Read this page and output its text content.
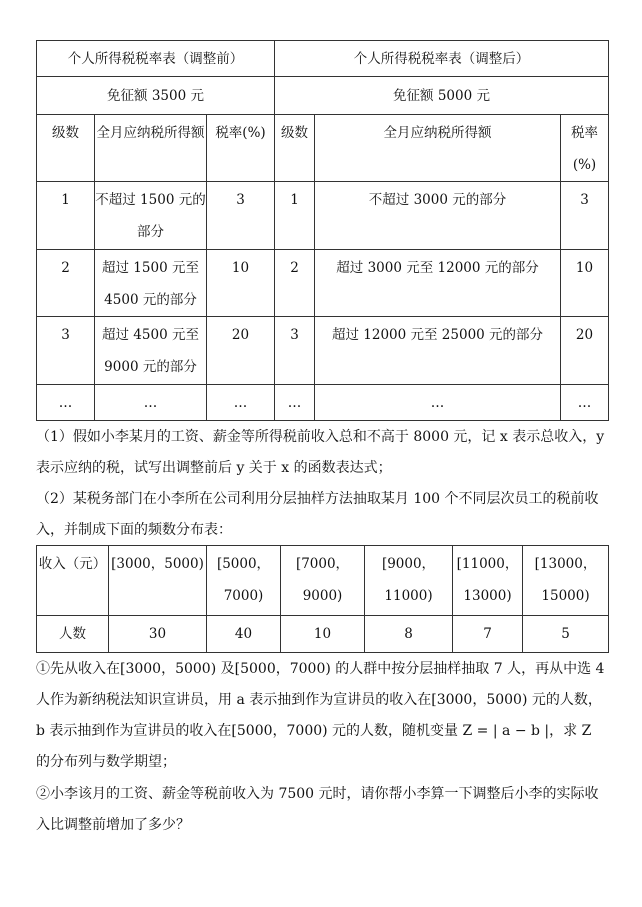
个人所得税税率表（调整前）			个人所得税税率表（调整后）		
免征额 3500 元			免征额 5000 元		
级数	全月应纳税所得额	税率(%)	级数	全月应纳税所得额	税率(%)
1	不超过 1500 元的部分	3	1	不超过 3000 元的部分	3
2	超过 1500 元至 4500 元的部分	10	2	超过 3000 元至 12000 元的部分	10
3	超过 4500 元至 9000 元的部分	20	3	超过 12000 元至 25000 元的部分	20
…	…	…	…	…	…
（1）假如小李某月的工资、薪金等所得税前收入总和不高于 8000 元，记 x 表示总收入，y 表示应纳的税，试写出调整前后 y 关于 x 的函数表达式；
（2）某税务部门在小李所在公司利用分层抽样方法抽取某月 100 个不同层次员工的税前收入，并制成下面的频数分布表：
收入（元）	[3000，5000)	[5000，7000)	[7000，9000)	[9000，11000)	[11000，13000)	[13000，15000)
人数	30	40	10	8	7	5
①先从收入在[3000，5000) 及[5000，7000) 的人群中按分层抽样抽取 7 人，再从中选 4 人作为新纳税法知识宣讲员，用 a 表示抽到作为宣讲员的收入在[3000，5000) 元的人数，b 表示抽到作为宣讲员的收入在[5000，7000) 元的人数，随机变量 Z = | a − b |，求 Z 的分布列与数学期望；
②小李该月的工资、薪金等税前收入为 7500 元时，请你帮小李算一下调整后小李的实际收入比调整前增加了多少？
